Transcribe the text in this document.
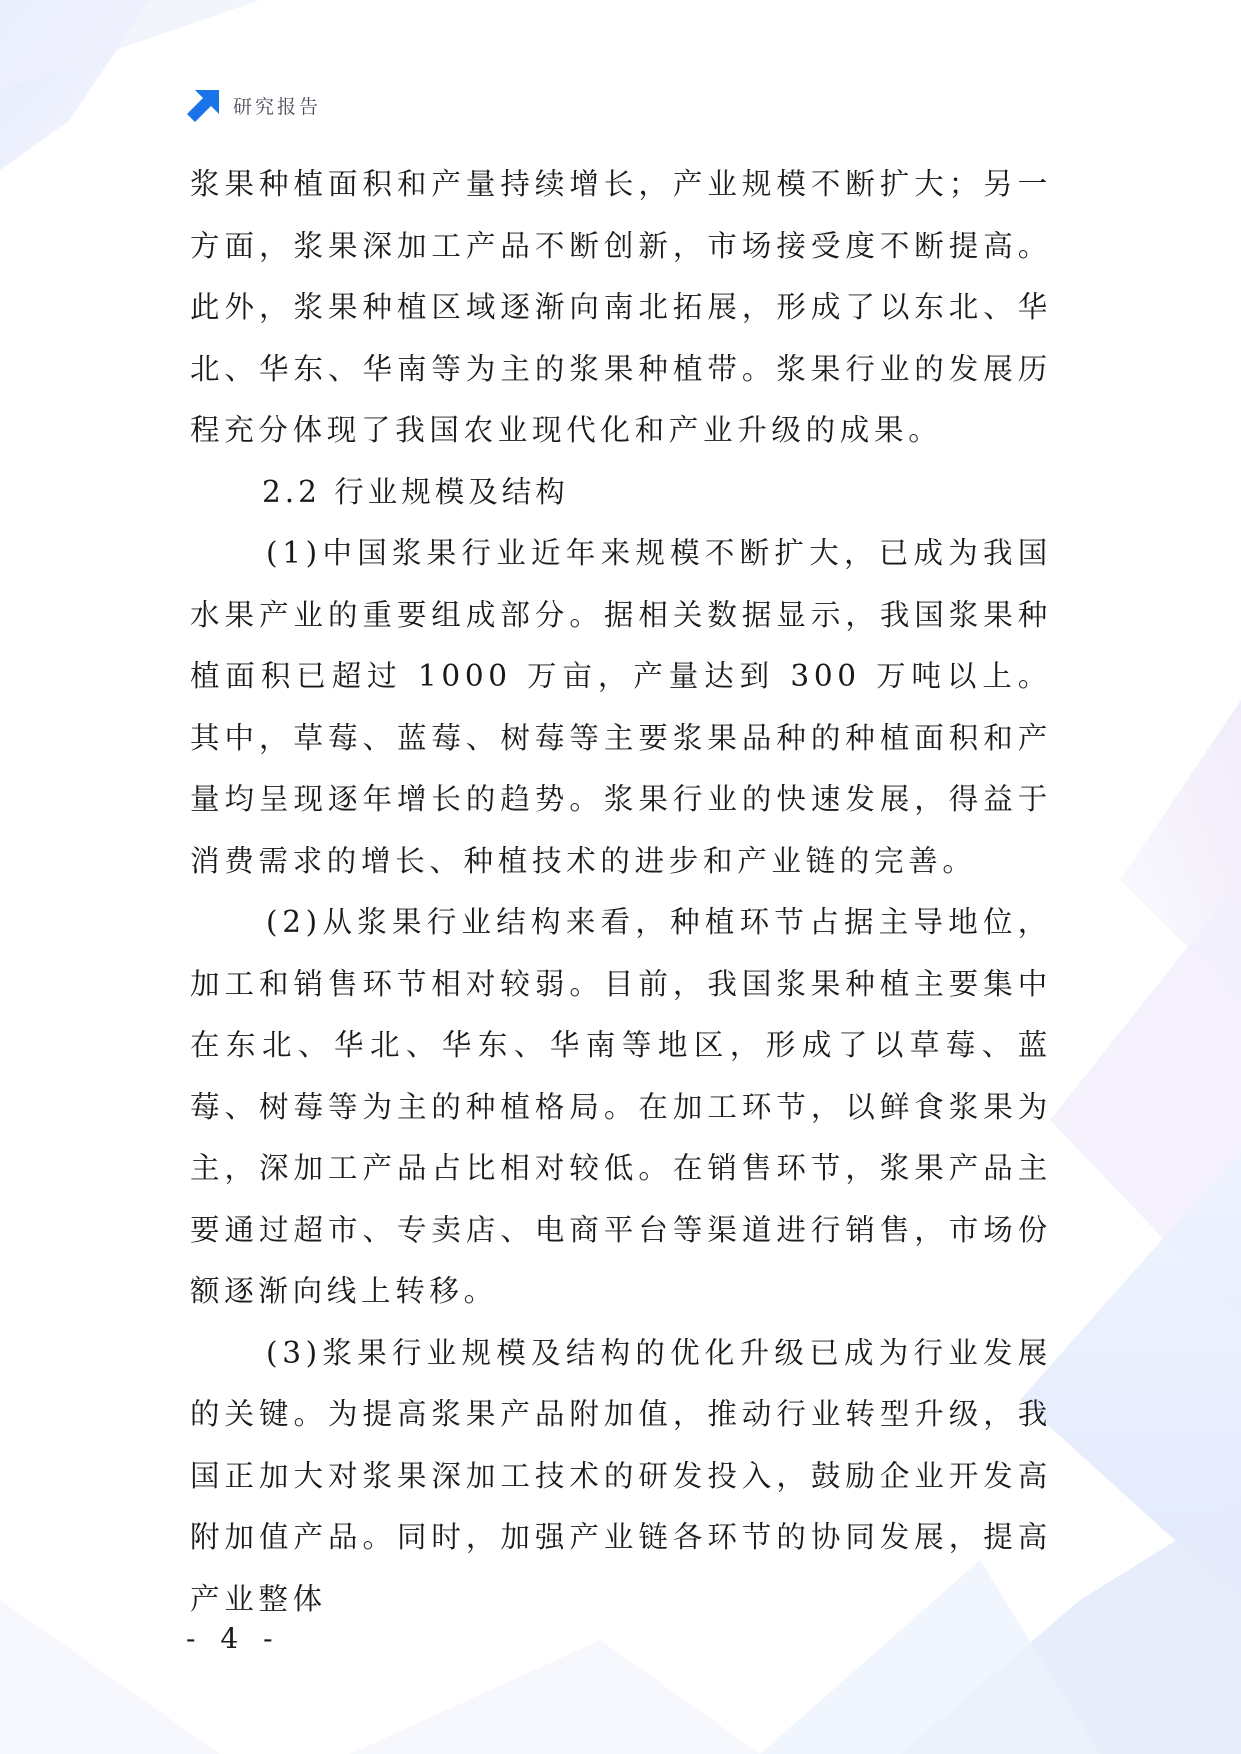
研究报告

浆果种植面积和产量持续增长，产业规模不断扩大；另一方面，浆果深加工产品不断创新，市场接受度不断提高。此外，浆果种植区域逐渐向南北拓展，形成了以东北、华北、华东、华南等为主的浆果种植带。浆果行业的发展历程充分体现了我国农业现代化和产业升级的成果。

2.2 行业规模及结构

(1)中国浆果行业近年来规模不断扩大，已成为我国水果产业的重要组成部分。据相关数据显示，我国浆果种植面积已超过 1000 万亩，产量达到 300 万吨以上。其中，草莓、蓝莓、树莓等主要浆果品种的种植面积和产量均呈现逐年增长的趋势。浆果行业的快速发展，得益于消费需求的增长、种植技术的进步和产业链的完善。

(2)从浆果行业结构来看，种植环节占据主导地位，加工和销售环节相对较弱。目前，我国浆果种植主要集中在东北、华北、华东、华南等地区，形成了以草莓、蓝莓、树莓等为主的种植格局。在加工环节，以鲜食浆果为主，深加工产品占比相对较低。在销售环节，浆果产品主要通过超市、专卖店、电商平台等渠道进行销售，市场份额逐渐向线上转移。

(3)浆果行业规模及结构的优化升级已成为行业发展的关键。为提高浆果产品附加值，推动行业转型升级，我国正加大对浆果深加工技术的研发投入，鼓励企业开发高附加值产品。同时，加强产业链各环节的协同发展，提高产业整体

- 4 -
